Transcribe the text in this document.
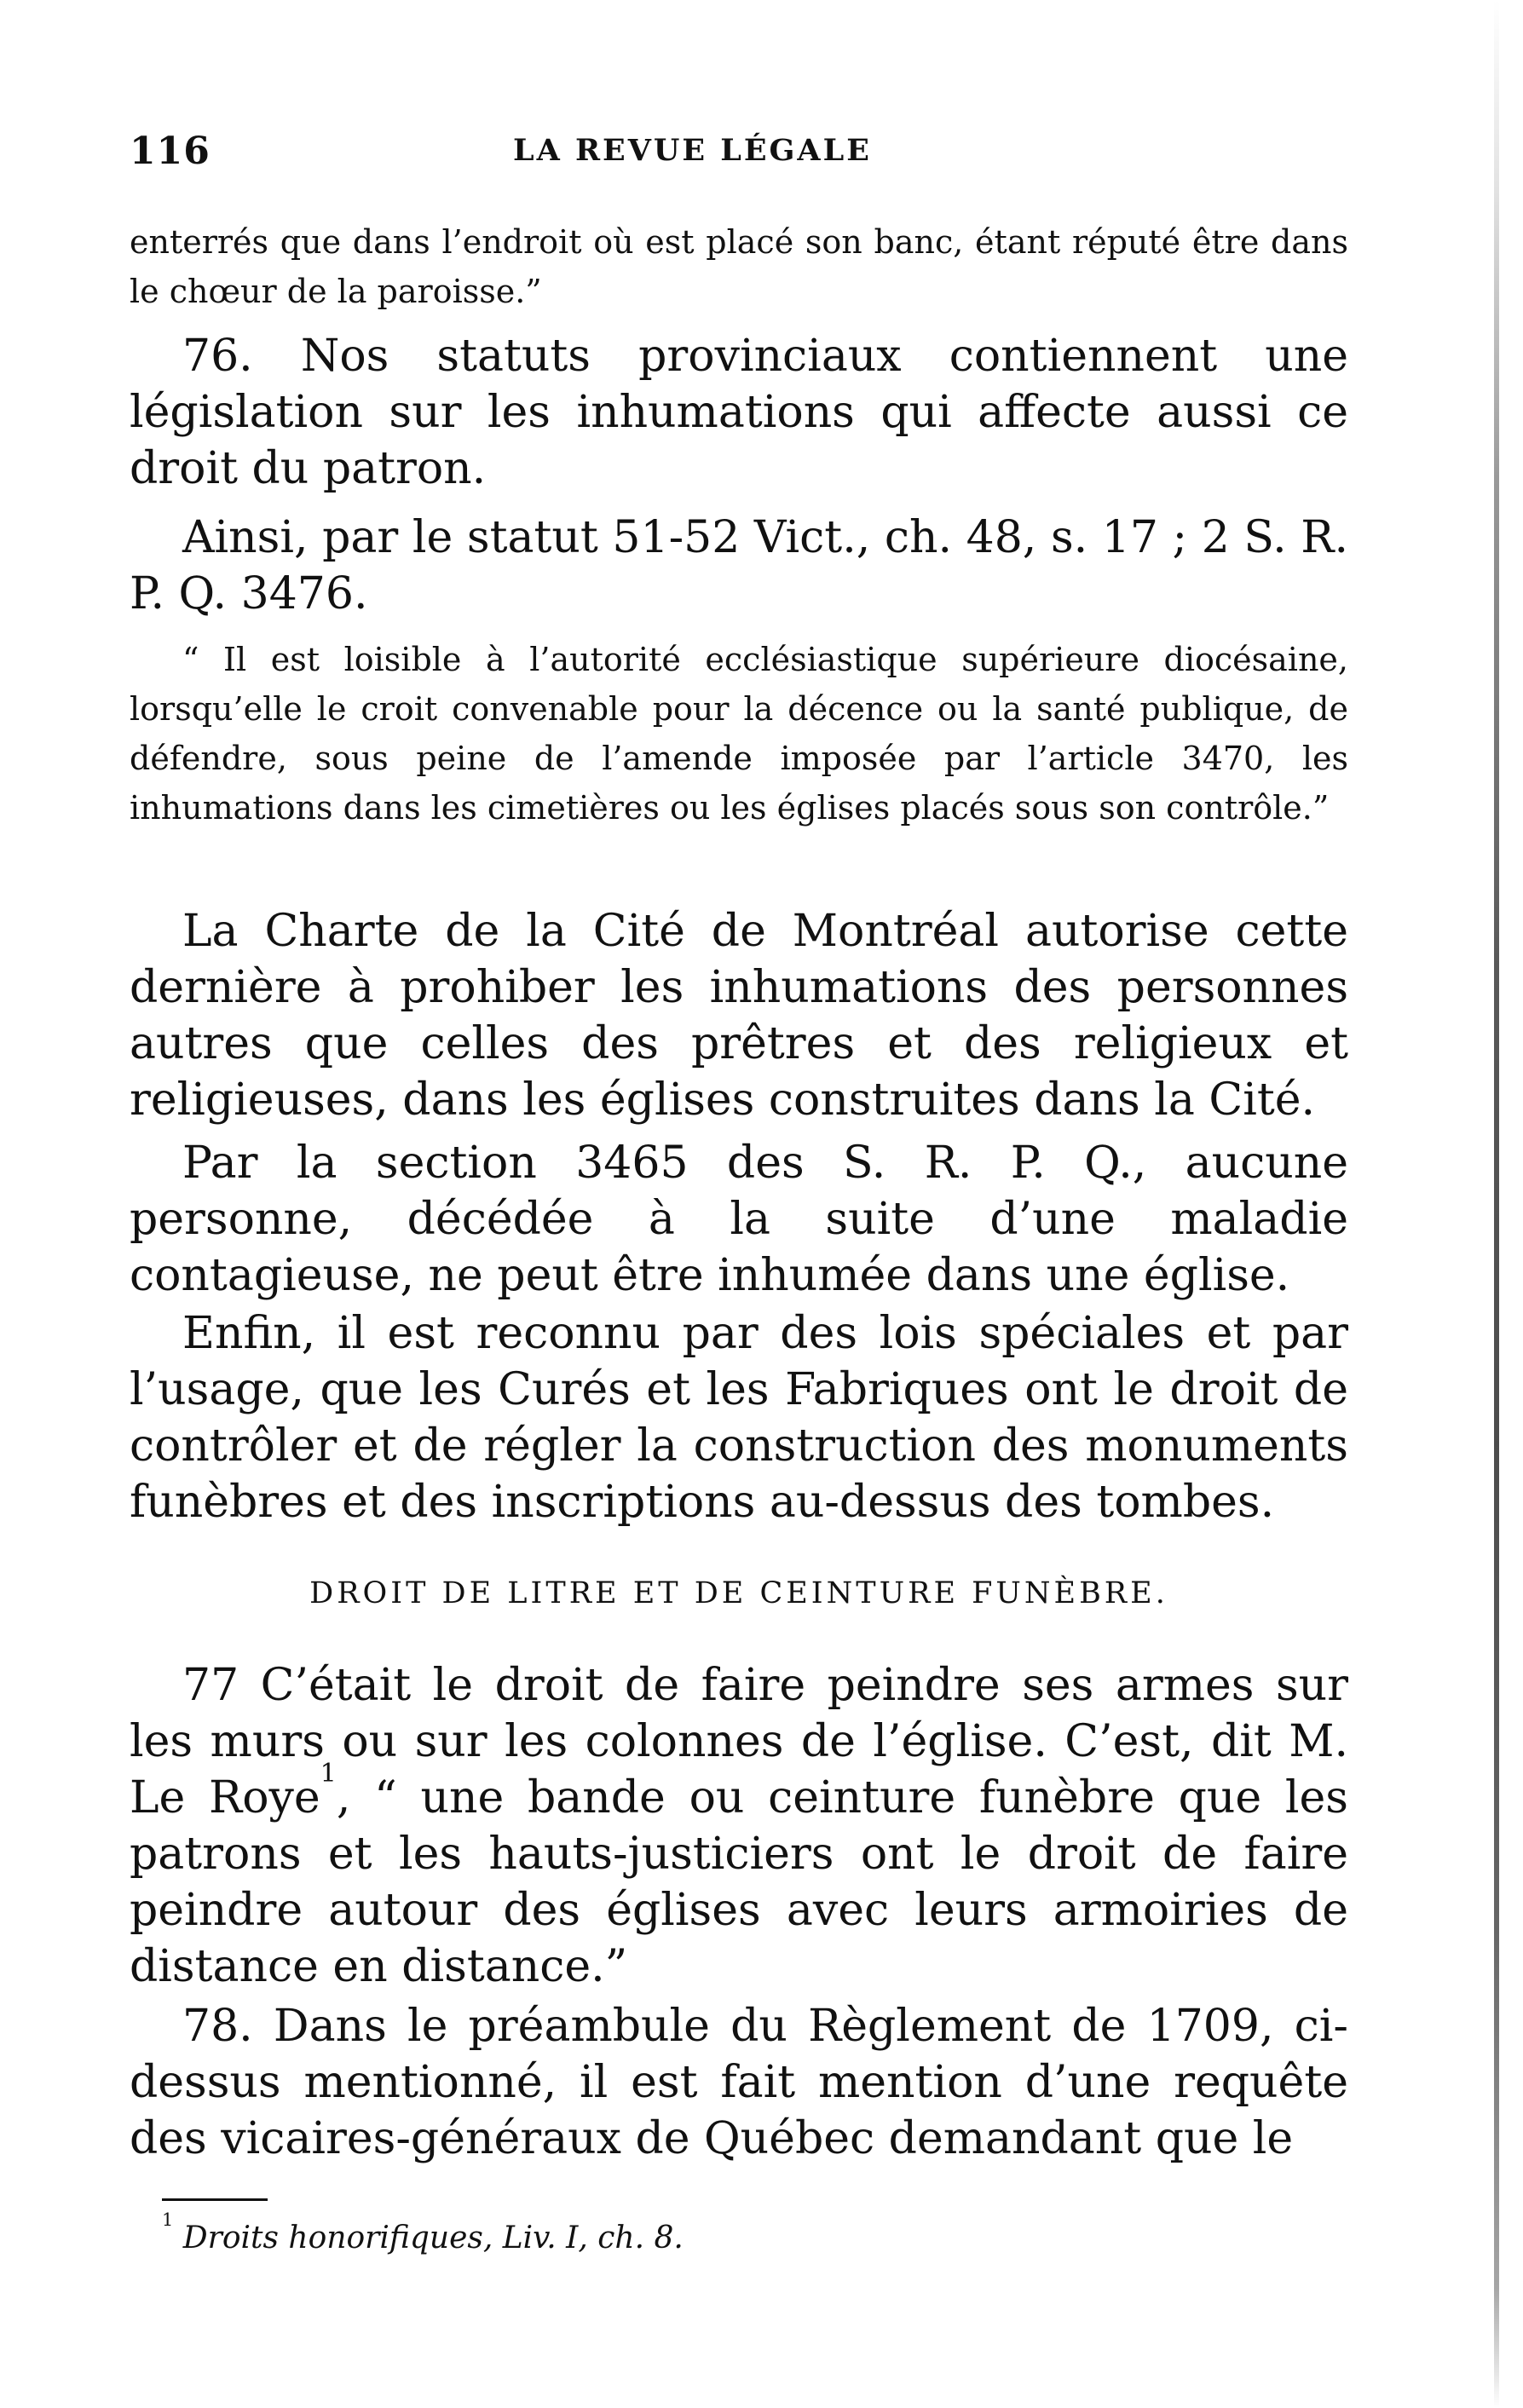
116	LA REVUE LÉGALE
enterrés que dans l’endroit où est placé son banc, étant réputé être dans le chœur de la paroisse.”
76. Nos statuts provinciaux contiennent une législation sur les inhumations qui affecte aussi ce droit du patron.
Ainsi, par le statut 51-52 Vict., ch. 48, s. 17 ; 2 S. R. P. Q. 3476.
“ Il est loisible à l’autorité ecclésiastique supérieure diocésaine, lorsqu’elle le croit convenable pour la décence ou la santé publique, de défendre, sous peine de l’amende imposée par l’article 3470, les inhumations dans les cimetières ou les églises placés sous son contrôle.”
La Charte de la Cité de Montréal autorise cette dernière à prohiber les inhumations des personnes autres que celles des prêtres et des religieux et religieuses, dans les églises construites dans la Cité.
Par la section 3465 des S. R. P. Q., aucune personne, décédée à la suite d’une maladie contagieuse, ne peut être inhumée dans une église.
Enfin, il est reconnu par des lois spéciales et par l’usage, que les Curés et les Fabriques ont le droit de contrôler et de régler la construction des monuments funèbres et des inscriptions au-dessus des tombes.
DROIT DE LITRE ET DE CEINTURE FUNÈBRE.
77 C’était le droit de faire peindre ses armes sur les murs ou sur les colonnes de l’église. C’est, dit M. Le Roye$^1$, “ une bande ou ceinture funèbre que les patrons et les hauts-justiciers ont le droit de faire peindre autour des églises avec leurs armoiries de distance en distance.”
78. Dans le préambule du Règlement de 1709, ci-dessus mentionné, il est fait mention d’une requête des vicaires-généraux de Québec demandant que le
$^1$ Droits honorifiques, Liv. I, ch. 8.
